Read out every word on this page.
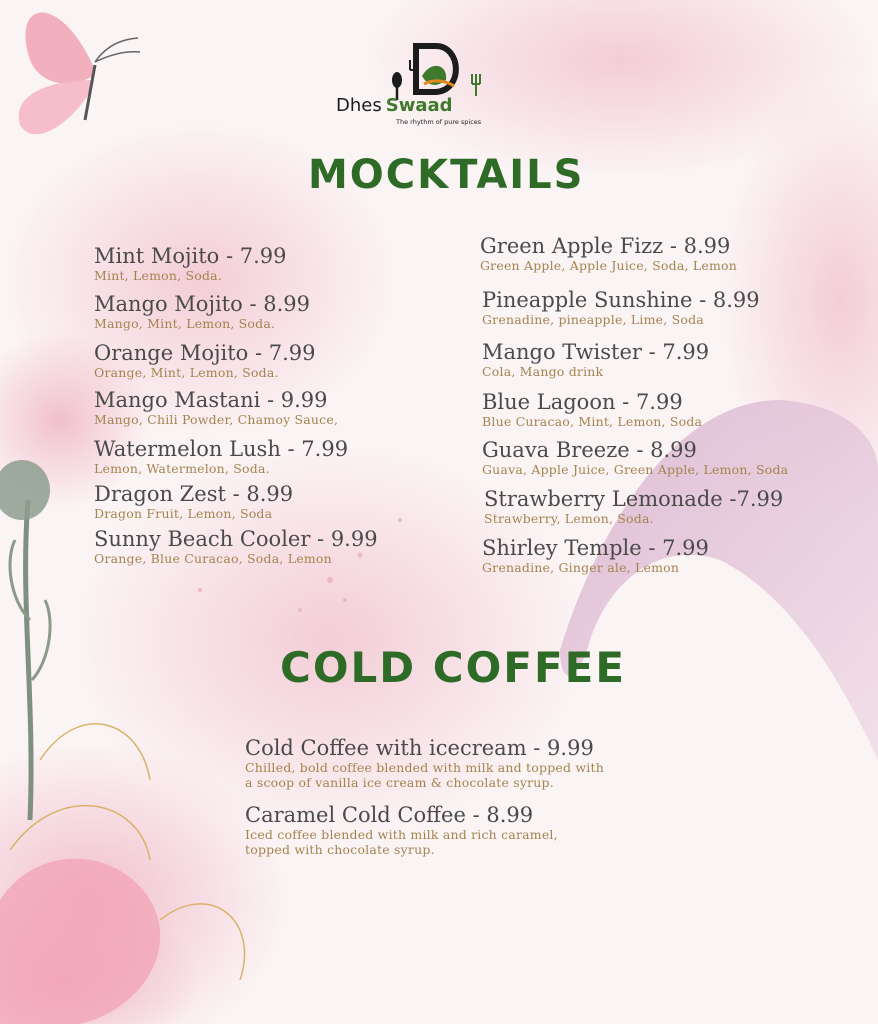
Dhes Swaad
The rhythm of pure spices
MOCKTAILS
Mint Mojito - 7.99
Mint, Lemon, Soda.
Mango Mojito - 8.99
Mango, Mint, Lemon, Soda.
Orange Mojito - 7.99
Orange, Mint, Lemon, Soda.
Mango Mastani - 9.99
Mango, Chili Powder, Chamoy Sauce,
Watermelon Lush - 7.99
Lemon, Watermelon, Soda.
Dragon Zest - 8.99
Dragon Fruit, Lemon, Soda
Sunny Beach Cooler - 9.99
Orange, Blue Curacao, Soda, Lemon
Green Apple Fizz - 8.99
Green Apple, Apple Juice, Soda, Lemon
Pineapple Sunshine - 8.99
Grenadine, pineapple, Lime, Soda
Mango Twister - 7.99
Cola, Mango drink
Blue Lagoon - 7.99
Blue Curacao, Mint, Lemon, Soda
Guava Breeze - 8.99
Guava, Apple Juice, Green Apple, Lemon, Soda
Strawberry Lemonade -7.99
Strawberry, Lemon, Soda.
Shirley Temple - 7.99
Grenadine, Ginger ale, Lemon
COLD COFFEE
Cold Coffee with icecream - 9.99
Chilled, bold coffee blended with milk and topped with a scoop of vanilla ice cream & chocolate syrup.
Caramel Cold Coffee - 8.99
Iced coffee blended with milk and rich caramel, topped with chocolate syrup.
